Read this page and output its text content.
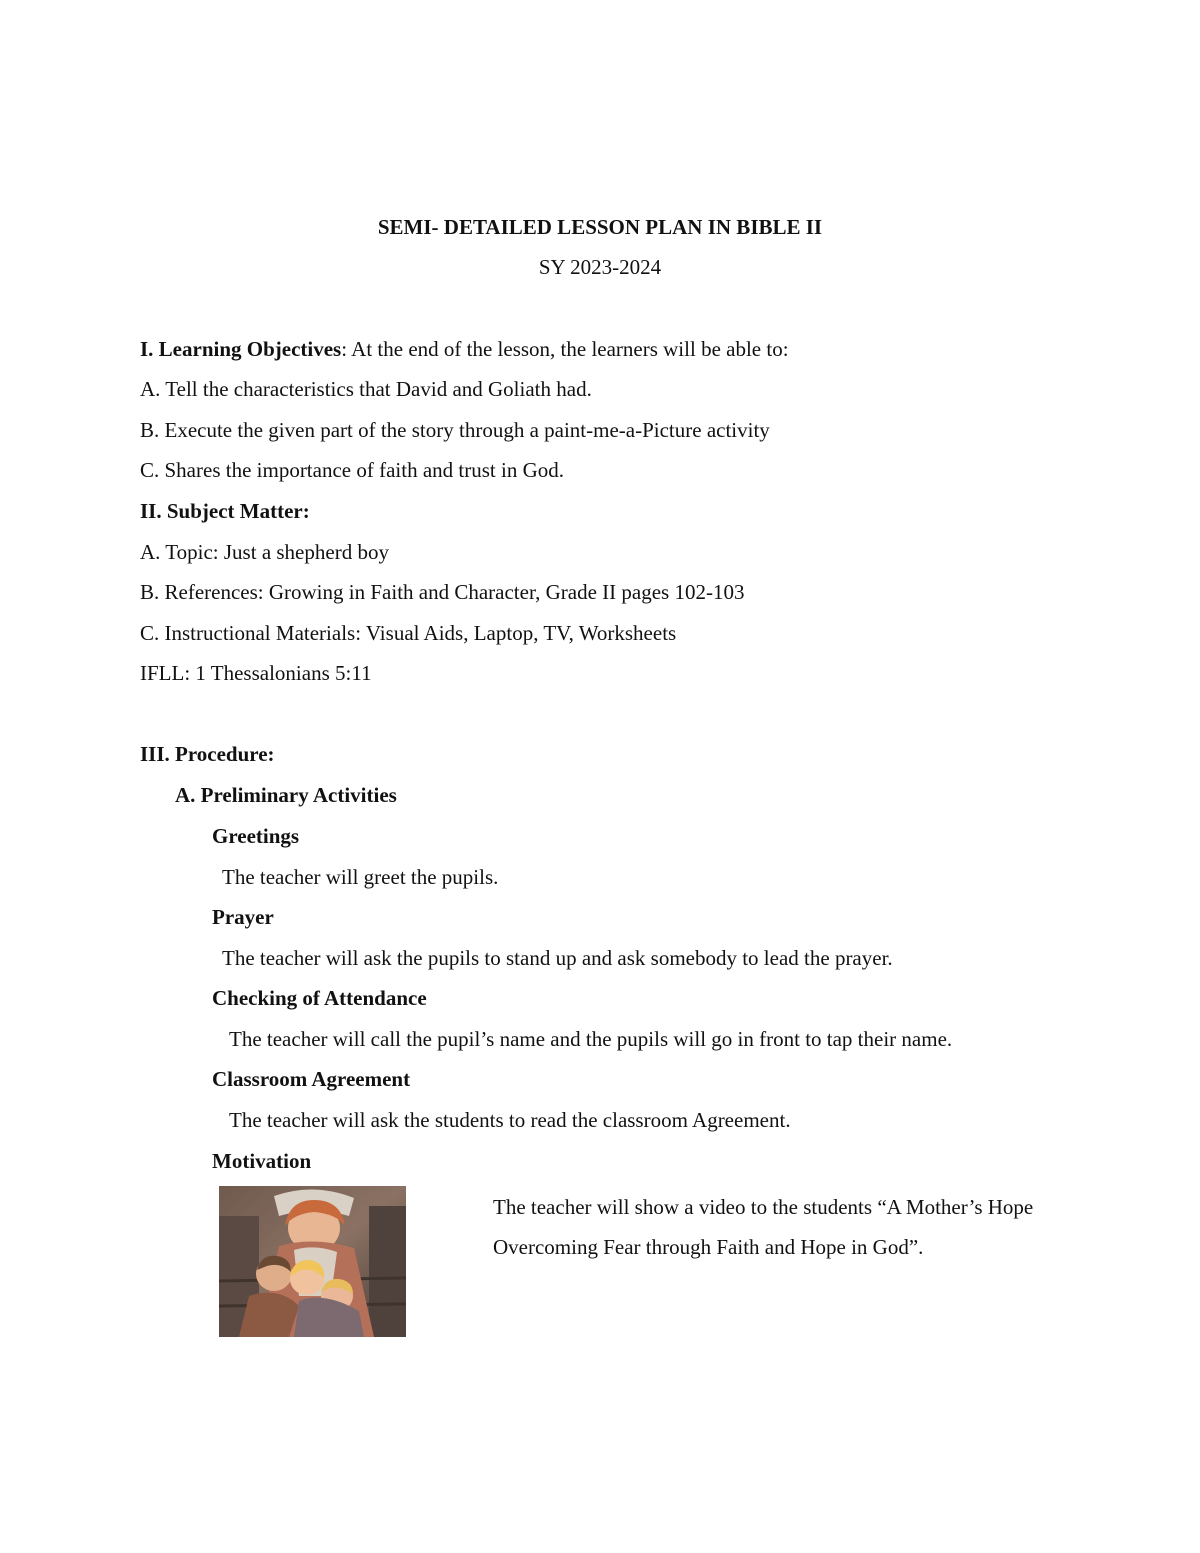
SEMI- DETAILED LESSON PLAN IN BIBLE II
SY 2023-2024
I. Learning Objectives: At the end of the lesson, the learners will be able to:
A. Tell the characteristics that David and Goliath had.
B. Execute the given part of the story through a paint-me-a-Picture activity
C. Shares the importance of faith and trust in God.
II. Subject Matter:
A. Topic: Just a shepherd boy
B. References: Growing in Faith and Character, Grade II pages 102-103
C. Instructional Materials: Visual Aids, Laptop, TV, Worksheets
IFLL: 1 Thessalonians 5:11
III. Procedure:
A. Preliminary Activities
Greetings
The teacher will greet the pupils.
Prayer
The teacher will ask the pupils to stand up and ask somebody to lead the prayer.
Checking of Attendance
The teacher will call the pupil’s name and the pupils will go in front to tap their name.
Classroom Agreement
The teacher will ask the students to read the classroom Agreement.
Motivation
The teacher will show a video to the students “A Mother’s Hope Overcoming Fear through Faith and Hope in God”.
